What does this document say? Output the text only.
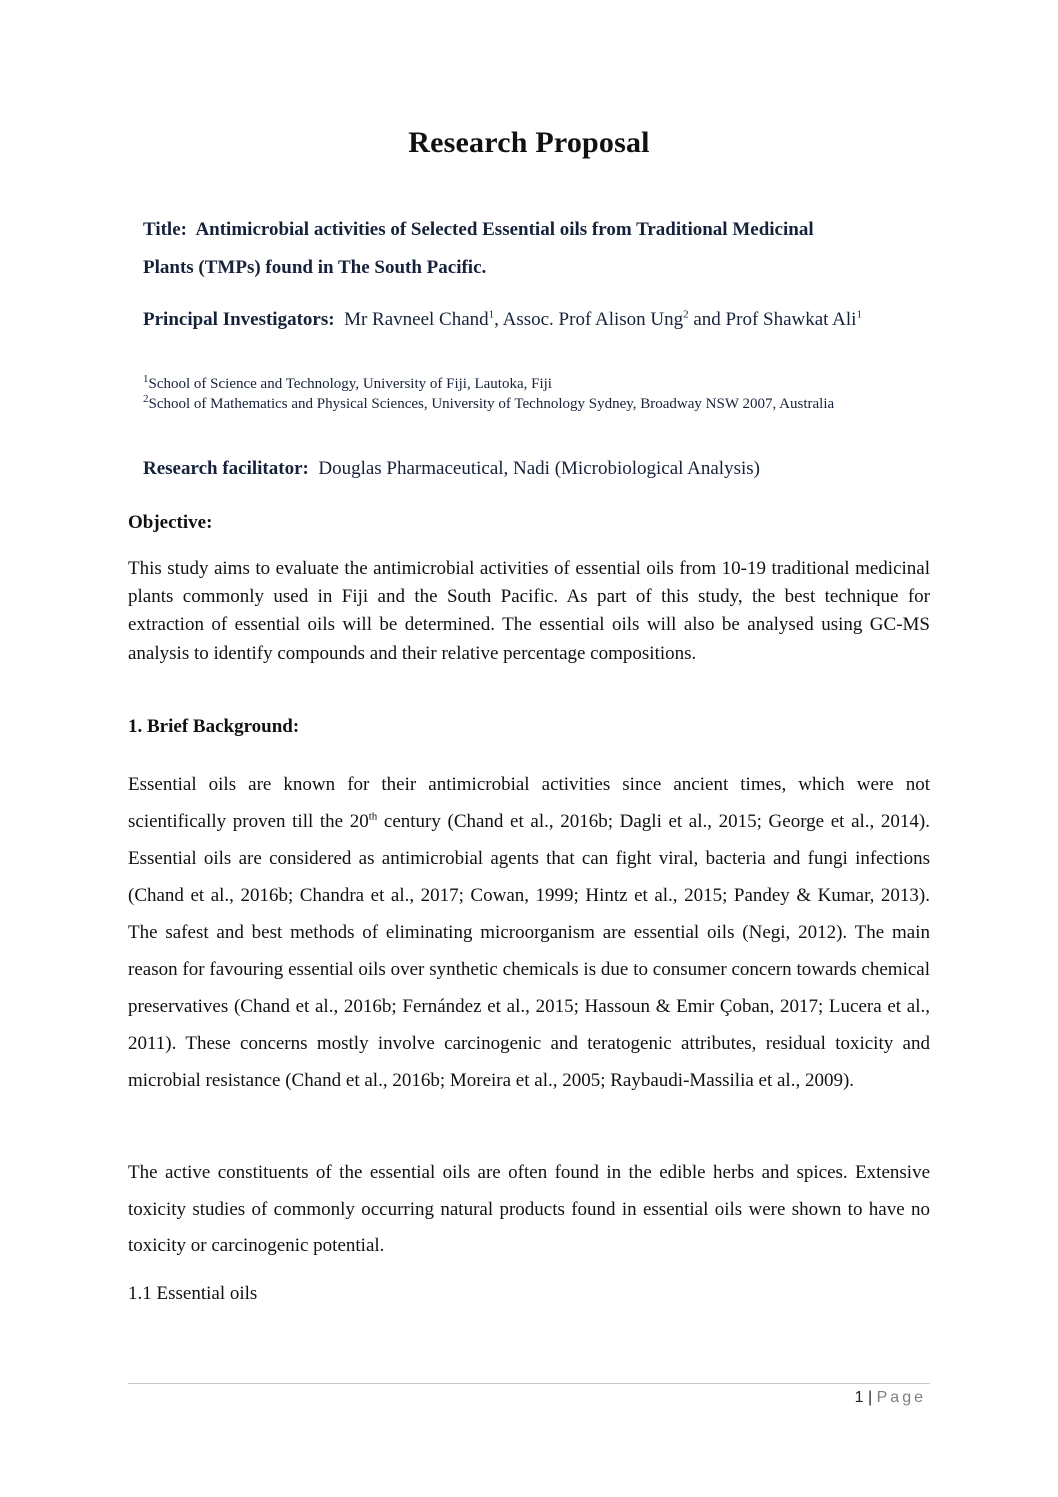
Research Proposal
Title: Antimicrobial activities of Selected Essential oils from Traditional Medicinal
Plants (TMPs) found in The South Pacific.
Principal Investigators: Mr Ravneel Chand$^1$, Assoc. Prof Alison Ung$^2$ and Prof Shawkat Ali$^1$
$^1$School of Science and Technology, University of Fiji, Lautoka, Fiji
$^2$School of Mathematics and Physical Sciences, University of Technology Sydney, Broadway NSW 2007, Australia
Research facilitator: Douglas Pharmaceutical, Nadi (Microbiological Analysis)
Objective:
This study aims to evaluate the antimicrobial activities of essential oils from 10-19 traditional medicinal plants commonly used in Fiji and the South Pacific. As part of this study, the best technique for extraction of essential oils will be determined. The essential oils will also be analysed using GC-MS analysis to identify compounds and their relative percentage compositions.
1. Brief Background:
Essential oils are known for their antimicrobial activities since ancient times, which were not scientifically proven till the 20th century (Chand et al., 2016b; Dagli et al., 2015; George et al., 2014). Essential oils are considered as antimicrobial agents that can fight viral, bacteria and fungi infections (Chand et al., 2016b; Chandra et al., 2017; Cowan, 1999; Hintz et al., 2015; Pandey & Kumar, 2013). The safest and best methods of eliminating microorganism are essential oils (Negi, 2012). The main reason for favouring essential oils over synthetic chemicals is due to consumer concern towards chemical preservatives (Chand et al., 2016b; Fernández et al., 2015; Hassoun & Emir Çoban, 2017; Lucera et al., 2011). These concerns mostly involve carcinogenic and teratogenic attributes, residual toxicity and microbial resistance (Chand et al., 2016b; Moreira et al., 2005; Raybaudi-Massilia et al., 2009).
The active constituents of the essential oils are often found in the edible herbs and spices. Extensive toxicity studies of commonly occurring natural products found in essential oils were shown to have no toxicity or carcinogenic potential.
1.1 Essential oils
1 | Page
